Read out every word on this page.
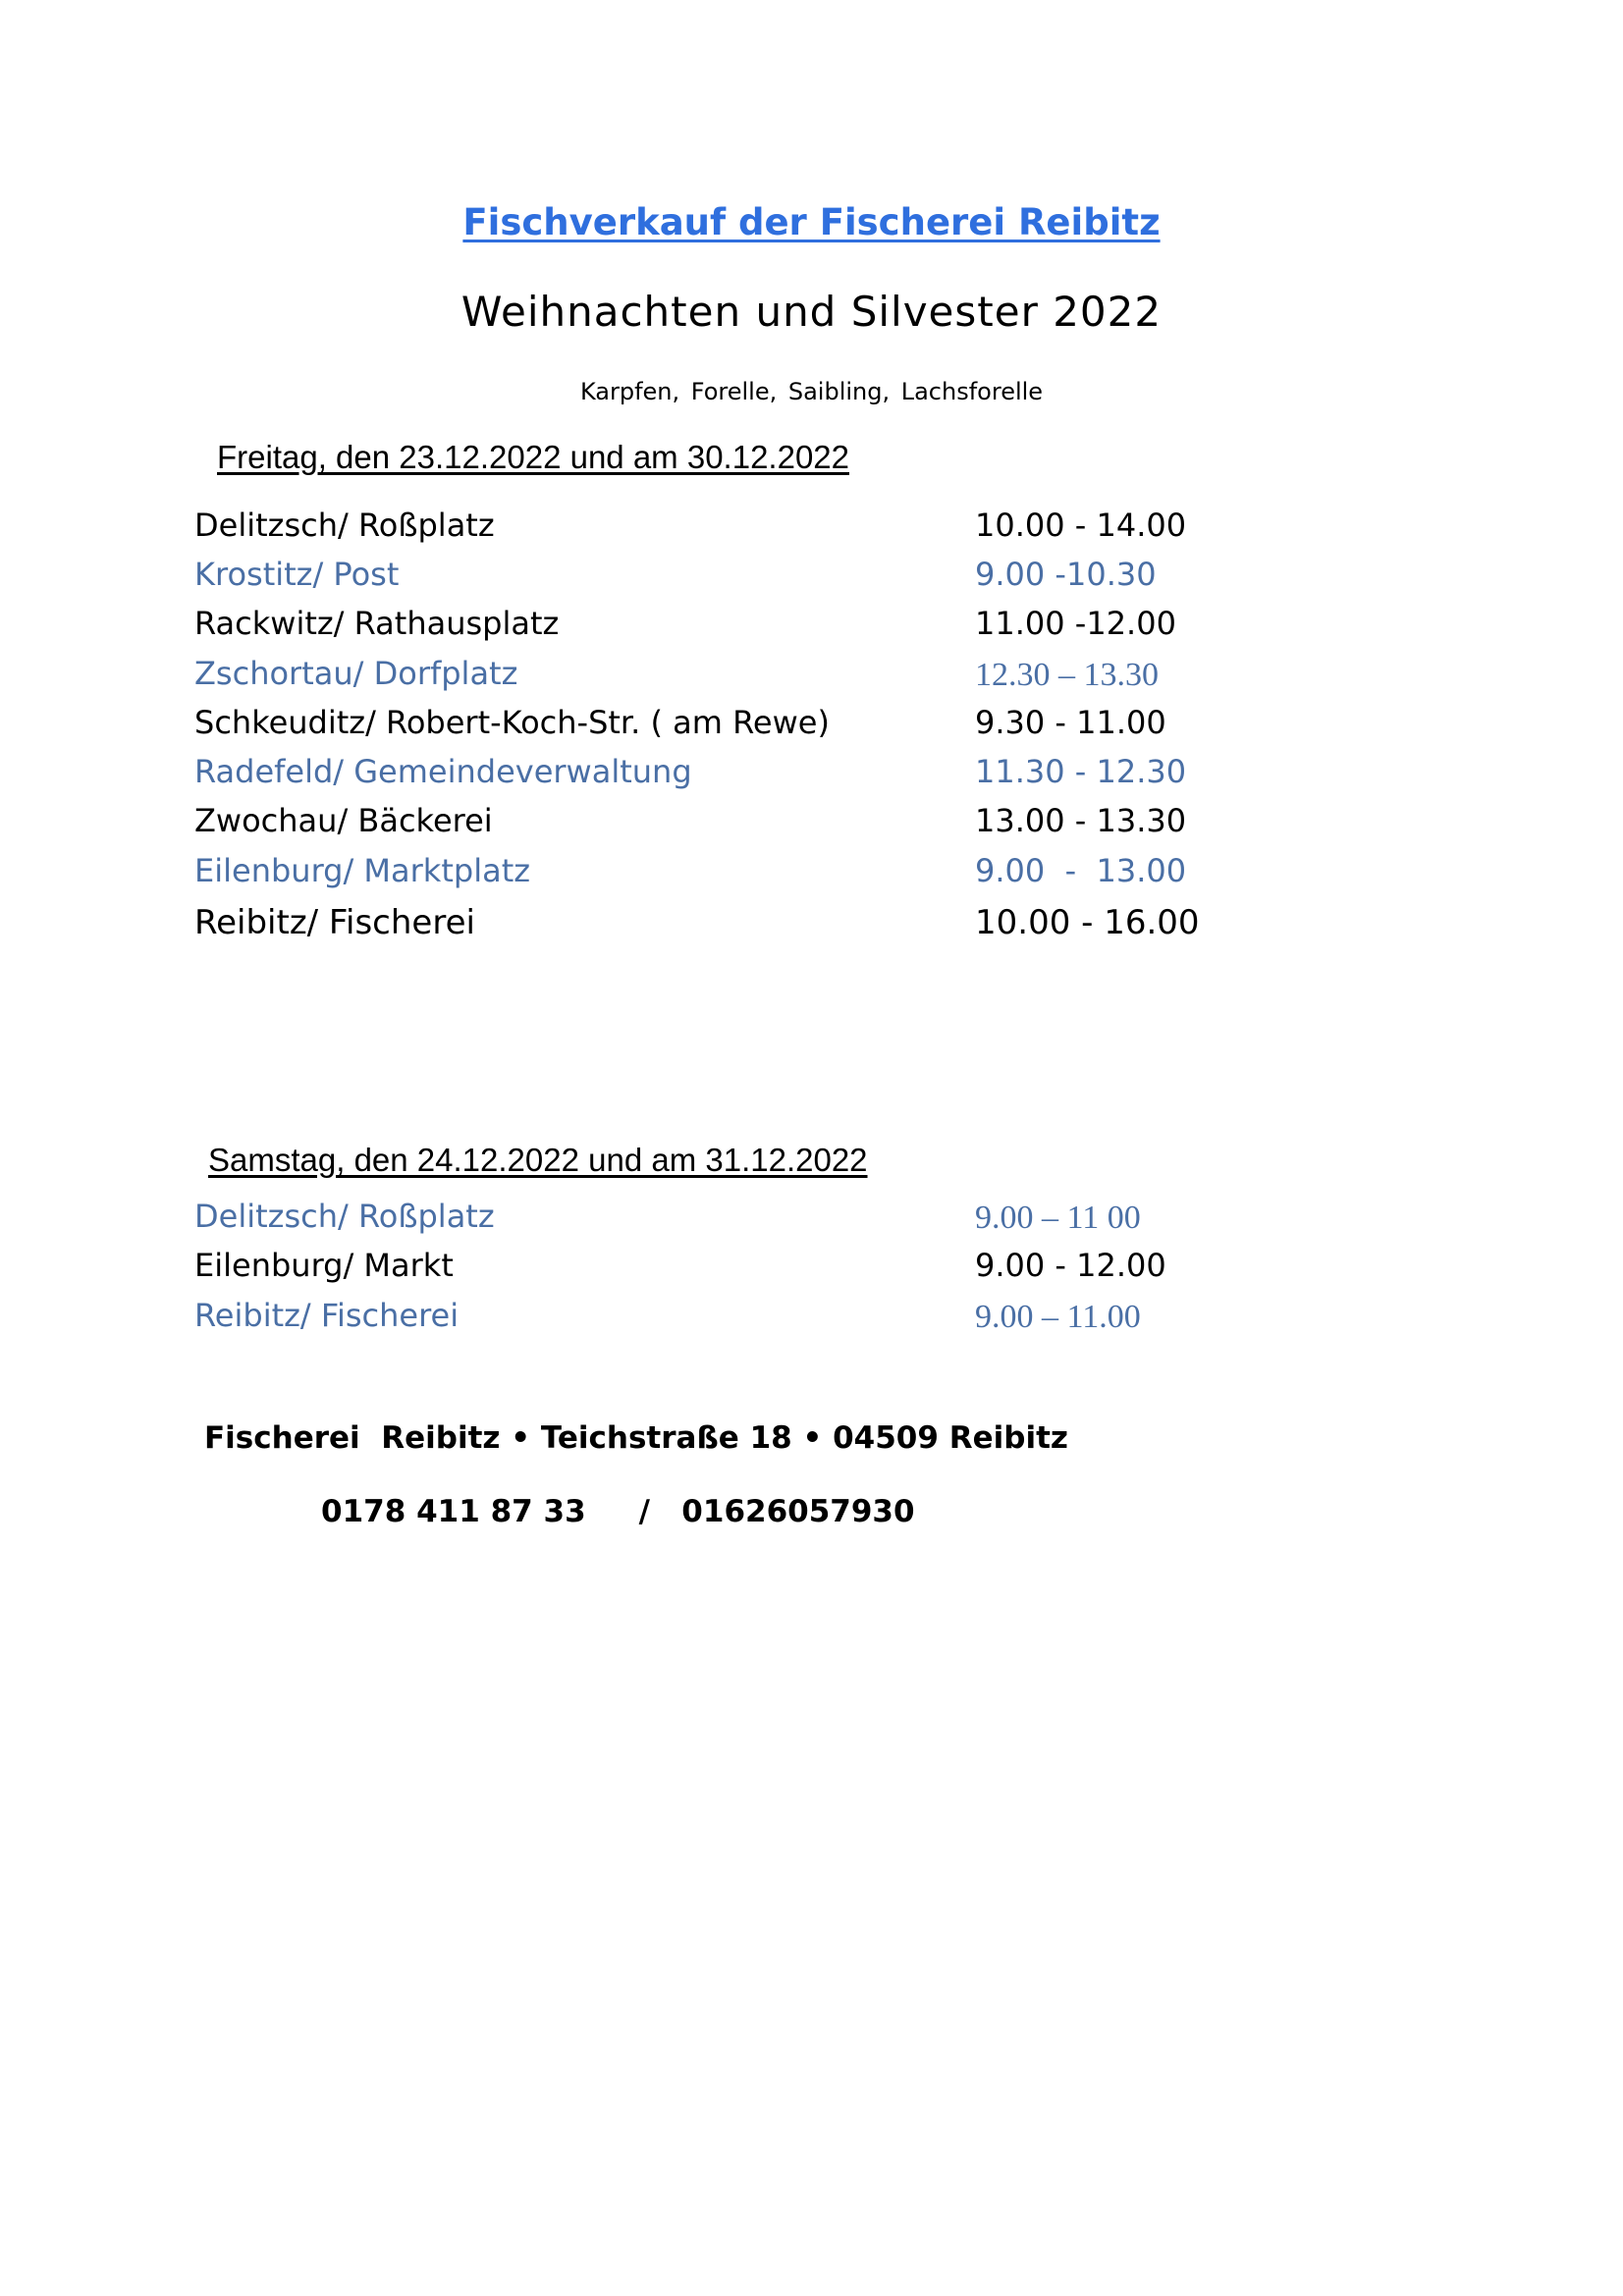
Fischverkauf der Fischerei Reibitz
Weihnachten und Silvester 2022
Karpfen, Forelle, Saibling, Lachsforelle
Freitag, den 23.12.2022 und am 30.12.2022
Delitzsch/ Roßplatz	10.00 - 14.00
Krostitz/ Post	9.00 -10.30
Rackwitz/ Rathausplatz	11.00 -12.00
Zschortau/ Dorfplatz	12.30 – 13.30
Schkeuditz/ Robert-Koch-Str. ( am Rewe)	9.30 - 11.00
Radefeld/ Gemeindeverwaltung	11.30 - 12.30
Zwochau/ Bäckerei	13.00 - 13.30
Eilenburg/ Marktplatz	9.00  -  13.00
Reibitz/ Fischerei	10.00 - 16.00
Samstag, den 24.12.2022 und am 31.12.2022
Delitzsch/ Roßplatz	9.00 – 11 00
Eilenburg/ Markt	9.00 - 12.00
Reibitz/ Fischerei	9.00 – 11.00
Fischerei  Reibitz • Teichstraße 18 • 04509 Reibitz
0178 411 87 33     /   01626057930
